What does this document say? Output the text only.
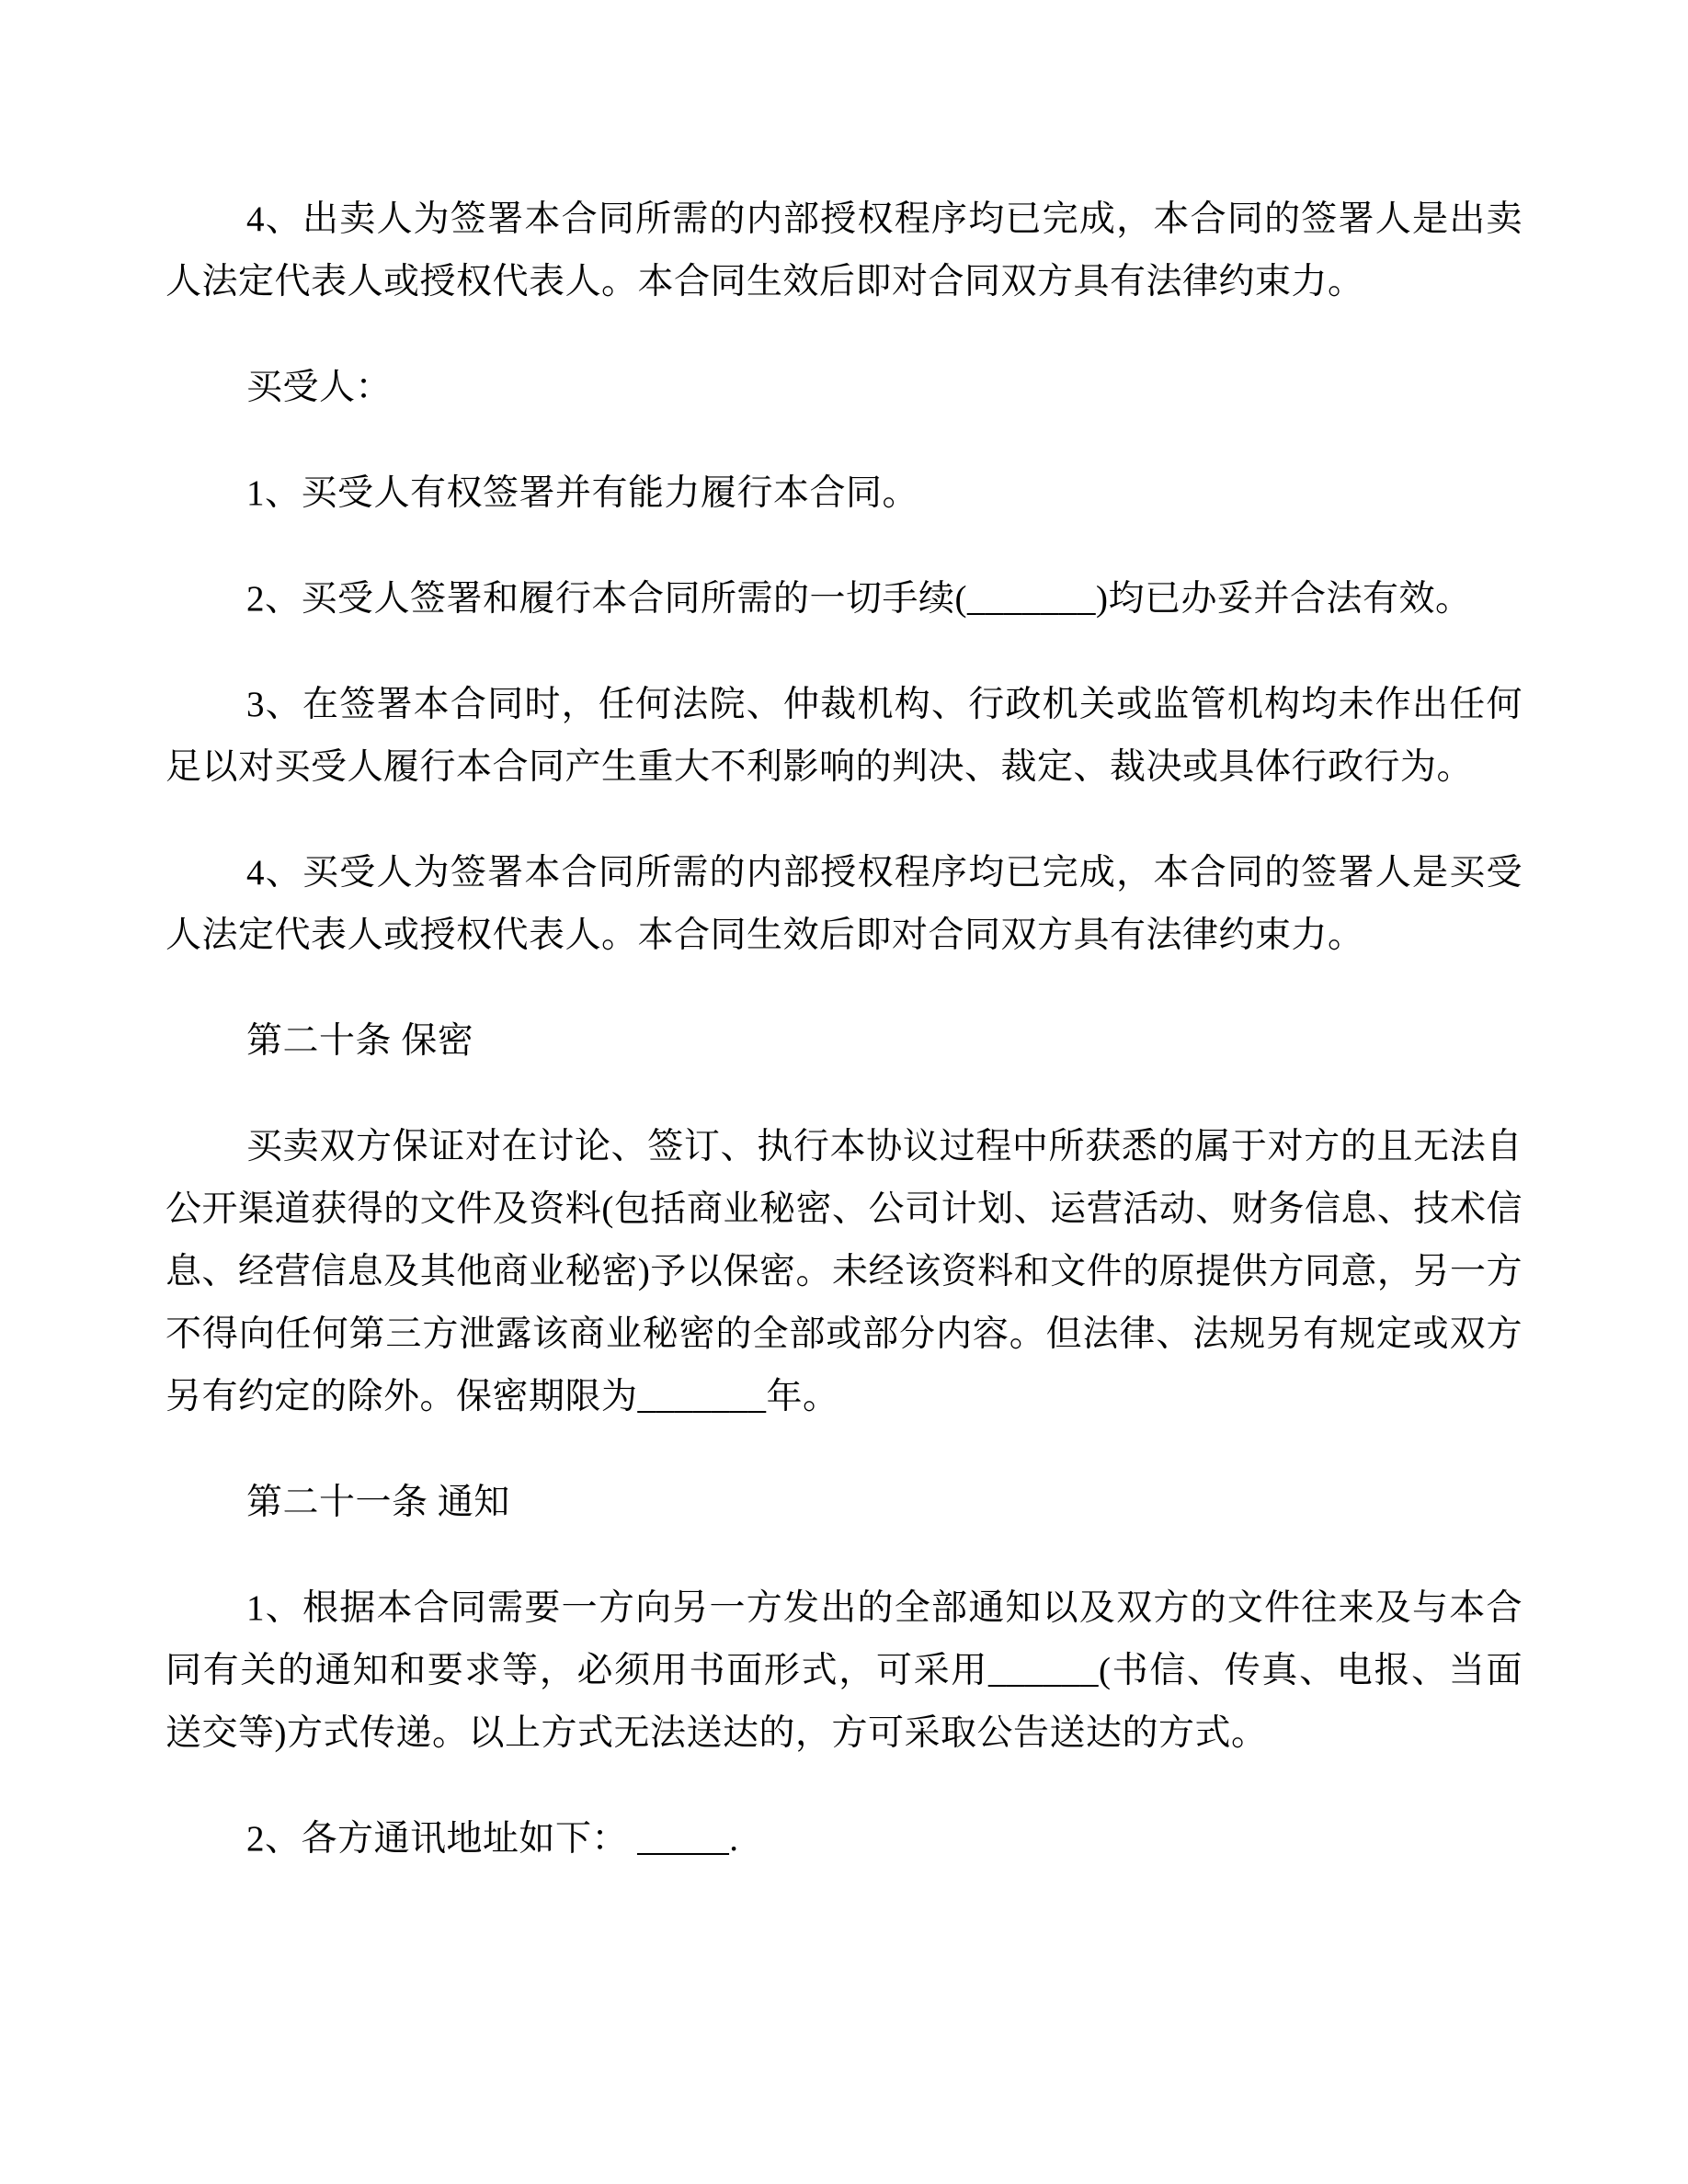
4、出卖人为签署本合同所需的内部授权程序均已完成，本合同的签署人是出卖人法定代表人或授权代表人。本合同生效后即对合同双方具有法律约束力。

买受人：

1、买受人有权签署并有能力履行本合同。

2、买受人签署和履行本合同所需的一切手续(_______)均已办妥并合法有效。

3、在签署本合同时，任何法院、仲裁机构、行政机关或监管机构均未作出任何足以对买受人履行本合同产生重大不利影响的判决、裁定、裁决或具体行政行为。

4、买受人为签署本合同所需的内部授权程序均已完成，本合同的签署人是买受人法定代表人或授权代表人。本合同生效后即对合同双方具有法律约束力。

第二十条 保密

买卖双方保证对在讨论、签订、执行本协议过程中所获悉的属于对方的且无法自公开渠道获得的文件及资料(包括商业秘密、公司计划、运营活动、财务信息、技术信息、经营信息及其他商业秘密)予以保密。未经该资料和文件的原提供方同意，另一方不得向任何第三方泄露该商业秘密的全部或部分内容。但法律、法规另有规定或双方另有约定的除外。保密期限为_______年。

第二十一条 通知

1、根据本合同需要一方向另一方发出的全部通知以及双方的文件往来及与本合同有关的通知和要求等，必须用书面形式，可采用______(书信、传真、电报、当面送交等)方式传递。以上方式无法送达的，方可采取公告送达的方式。

2、各方通讯地址如下： _____.
